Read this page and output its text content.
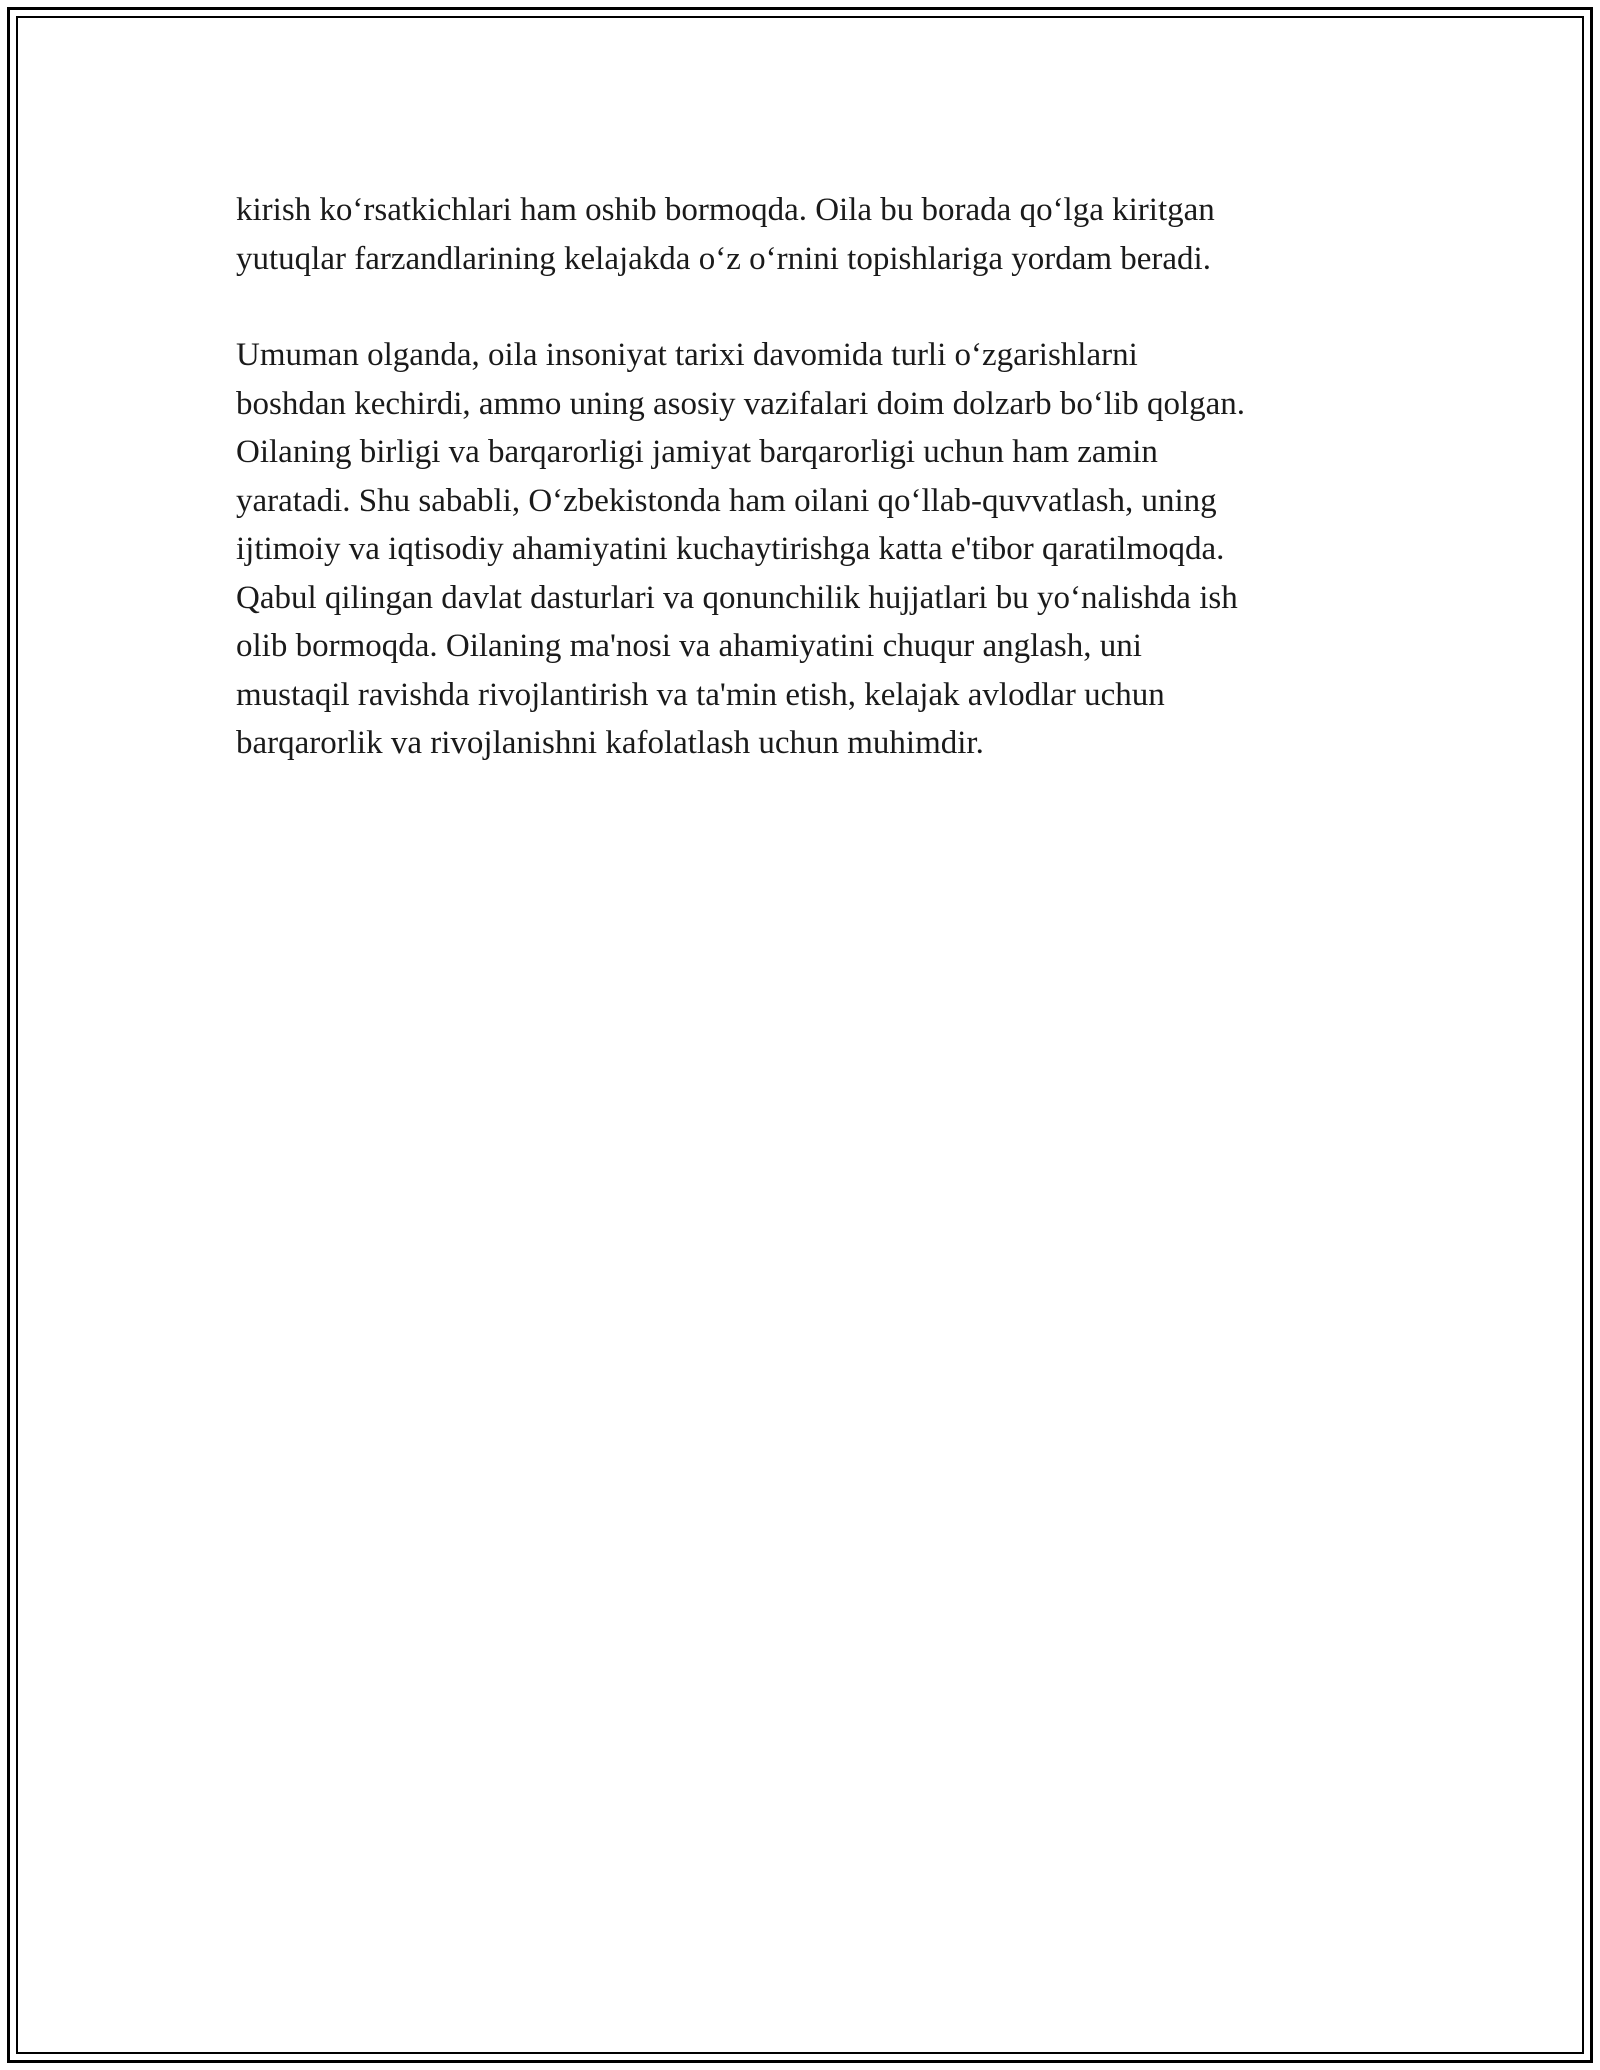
kirish ko‘rsatkichlari ham oshib bormoqda. Oila bu borada qo‘lga kiritgan
yutuqlar farzandlarining kelajakda o‘z o‘rnini topishlariga yordam beradi.

Umuman olganda, oila insoniyat tarixi davomida turli o‘zgarishlarni
boshdan kechirdi, ammo uning asosiy vazifalari doim dolzarb bo‘lib qolgan.
Oilaning birligi va barqarorligi jamiyat barqarorligi uchun ham zamin
yaratadi. Shu sababli, O‘zbekistonda ham oilani qo‘llab-quvvatlash, uning
ijtimoiy va iqtisodiy ahamiyatini kuchaytirishga katta e'tibor qaratilmoqda.
Qabul qilingan davlat dasturlari va qonunchilik hujjatlari bu yo‘nalishda ish
olib bormoqda. Oilaning ma'nosi va ahamiyatini chuqur anglash, uni
mustaqil ravishda rivojlantirish va ta'min etish, kelajak avlodlar uchun
barqarorlik va rivojlanishni kafolatlash uchun muhimdir.
